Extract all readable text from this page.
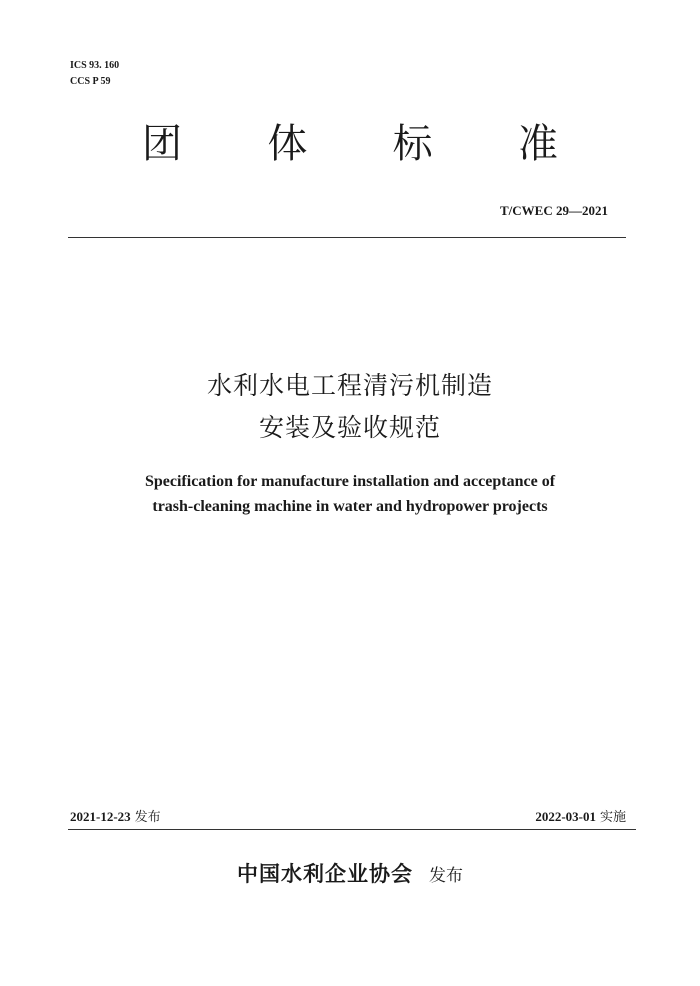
ICS 93. 160
CCS P 59
团 体 标 准
T/CWEC 29—2021
水利水电工程清污机制造
安装及验收规范
Specification for manufacture installation and acceptance of
trash-cleaning machine in water and hydropower projects
2021-12-23 发布	2022-03-01 实施
中国水利企业协会 发布
